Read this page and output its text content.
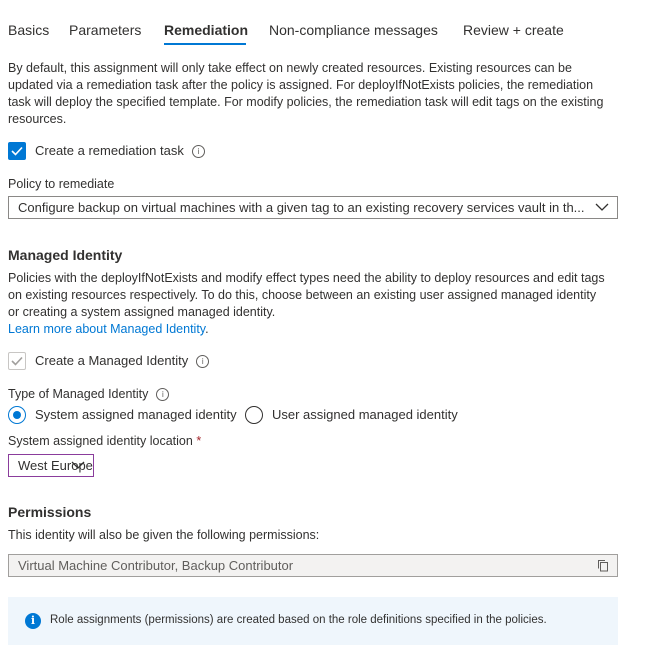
Basics Parameters Remediation Non-compliance messages Review + create
By default, this assignment will only take effect on newly created resources. Existing resources can be updated via a remediation task after the policy is assigned. For deployIfNotExists policies, the remediation task will deploy the specified template. For modify policies, the remediation task will edit tags on the existing resources.
Create a remediation task i
Policy to remediate
Configure backup on virtual machines with a given tag to an existing recovery services vault in th...
Managed Identity
Policies with the deployIfNotExists and modify effect types need the ability to deploy resources and edit tags on existing resources respectively. To do this, choose between an existing user assigned managed identity or creating a system assigned managed identity.
Learn more about Managed Identity.
Create a Managed Identity i
Type of Managed Identity i
System assigned managed identity	User assigned managed identity
System assigned identity location *
West Europe
Permissions
This identity will also be given the following permissions:
Virtual Machine Contributor, Backup Contributor
i	Role assignments (permissions) are created based on the role definitions specified in the policies.
